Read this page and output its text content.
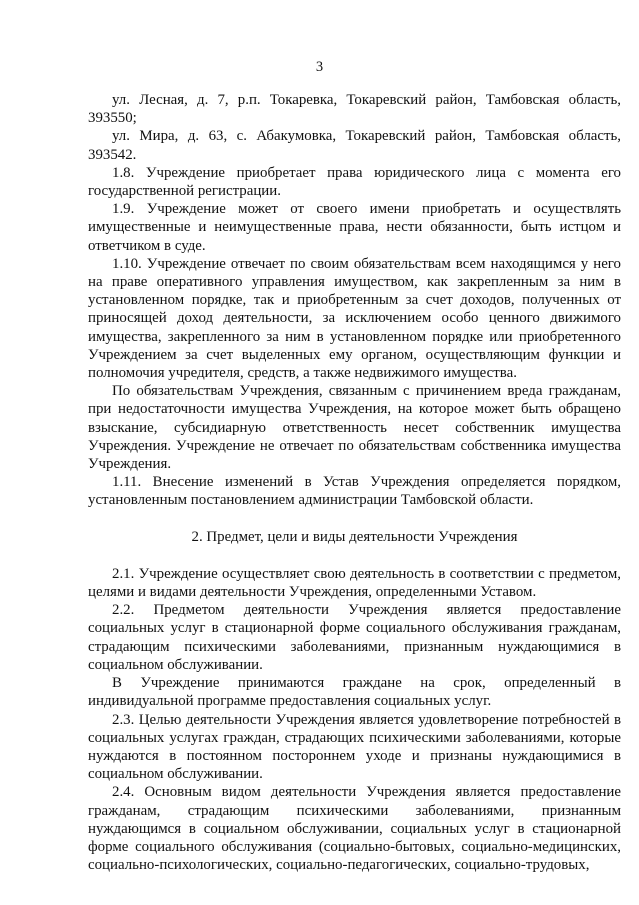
3

ул. Лесная, д. 7, р.п. Токаревка, Токаревский район, Тамбовская область, 393550;

ул. Мира, д. 63, с. Абакумовка, Токаревский район, Тамбовская область, 393542.

1.8. Учреждение приобретает права юридического лица с момента его государственной регистрации.

1.9. Учреждение может от своего имени приобретать и осуществлять имущественные и неимущественные права, нести обязанности, быть истцом и ответчиком в суде.

1.10. Учреждение отвечает по своим обязательствам всем находящимся у него на праве оперативного управления имуществом, как закрепленным за ним в установленном порядке, так и приобретенным за счет доходов, полученных от приносящей доход деятельности, за исключением особо ценного движимого имущества, закрепленного за ним в установленном порядке или приобретенного Учреждением за счет выделенных ему органом, осуществляющим функции и полномочия учредителя, средств, а также недвижимого имущества.

По обязательствам Учреждения, связанным с причинением вреда гражданам, при недостаточности имущества Учреждения, на которое может быть обращено взыскание, субсидиарную ответственность несет собственник имущества Учреждения. Учреждение не отвечает по обязательствам собственника имущества Учреждения.

1.11. Внесение изменений в Устав Учреждения определяется порядком, установленным постановлением администрации Тамбовской области.

2. Предмет, цели и виды деятельности Учреждения

2.1. Учреждение осуществляет свою деятельность в соответствии с предметом, целями и видами деятельности Учреждения, определенными Уставом.

2.2. Предметом деятельности Учреждения является предоставление социальных услуг в стационарной форме социального обслуживания гражданам, страдающим психическими заболеваниями, признанным нуждающимися в социальном обслуживании.

В Учреждение принимаются граждане на срок, определенный в индивидуальной программе предоставления социальных услуг.

2.3. Целью деятельности Учреждения является удовлетворение потребностей в социальных услугах граждан, страдающих психическими заболеваниями, которые нуждаются в постоянном постороннем уходе и признаны нуждающимися в социальном обслуживании.

2.4. Основным видом деятельности Учреждения является предоставление гражданам, страдающим психическими заболеваниями, признанным нуждающимся в социальном обслуживании, социальных услуг в стационарной форме социального обслуживания (социально-бытовых, социально-медицинских, социально-психологических, социально-педагогических, социально-трудовых,
